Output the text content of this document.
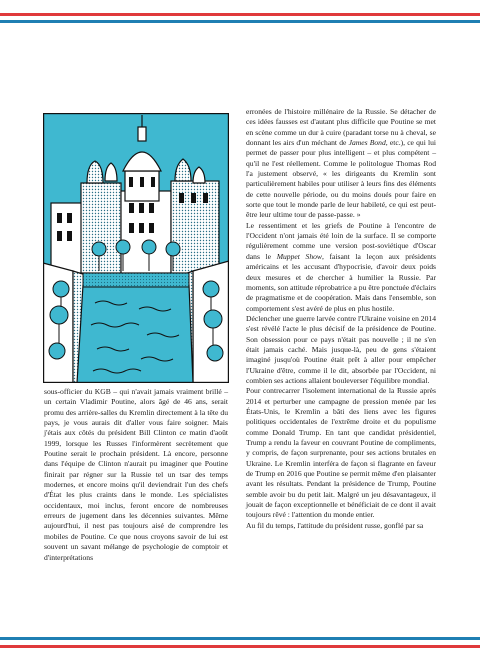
sous-officier du KGB – qui n'avait jamais vraiment brillé – un certain Vladimir Poutine, alors âgé de 46 ans, serait promu des arrière-salles du Kremlin directement à la tête du pays, je vous aurais dit d'aller vous faire soigner. Mais j'étais aux côtés du président Bill Clinton ce matin d'août 1999, lorsque les Russes l'informèrent secrètement que Poutine serait le prochain président. Là encore, personne dans l'équipe de Clinton n'aurait pu imaginer que Poutine finirait par régner sur la Russie tel un tsar des temps modernes, et encore moins qu'il deviendrait l'un des chefs d'État les plus craints dans le monde. Les spécialistes occidentaux, moi inclus, feront encore de nombreuses erreurs de jugement dans les décennies suivantes. Même aujourd'hui, il nest pas toujours aisé de comprendre les mobiles de Poutine. Ce que nous croyons savoir de lui est souvent un savant mélange de psychologie de comptoir et d'interprétations

erronées de l'histoire millénaire de la Russie. Se détacher de ces idées fausses est d'autant plus difficile que Poutine se met en scène comme un dur à cuire (paradant torse nu à cheval, se donnant les airs d'un méchant de James Bond, etc.), ce qui lui permet de passer pour plus intelligent – et plus compétent – qu'il ne l'est réellement. Comme le politologue Thomas Rod l'a justement observé, « les dirigeants du Kremlin sont particulièrement habiles pour utiliser à leurs fins des éléments de cette nouvelle période, ou du moins doués pour faire en sorte que tout le monde parle de leur habileté, ce qui est peut-être leur ultime tour de passe-passe. »

Le ressentiment et les griefs de Poutine à l'encontre de l'Occident n'ont jamais été loin de la surface. Il se comporte régulièrement comme une version post-soviétique d'Oscar dans le Muppet Show, faisant la leçon aux présidents américains et les accusant d'hypocrisie, d'avoir deux poids deux mesures et de chercher à humilier la Russie. Par moments, son attitude réprobatrice a pu être ponctuée d'éclairs de pragmatisme et de coopération. Mais dans l'ensemble, son comportement s'est avéré de plus en plus hostile.

Déclencher une guerre larvée contre l'Ukraine voisine en 2014 s'est révélé l'acte le plus décisif de la présidence de Poutine. Son obsession pour ce pays n'était pas nouvelle ; il ne s'en était jamais caché. Mais jusque-là, peu de gens s'étaient imaginé jusqu'où Poutine était prêt à aller pour empêcher l'Ukraine d'être, comme il le dit, absorbée par l'Occident, ni combien ses actions allaient bouleverser l'équilibre mondial.

Pour contrecarrer l'isolement international de la Russie après 2014 et perturber une campagne de pression menée par les États-Unis, le Kremlin a bâti des liens avec les figures politiques occidentales de l'extrême droite et du populisme comme Donald Trump. En tant que candidat présidentiel, Trump a rendu la faveur en couvrant Poutine de compliments, y compris, de façon surprenante, pour ses actions brutales en Ukraine. Le Kremlin interféra de façon si flagrante en faveur de Trump en 2016 que Poutine se permit même d'en plaisanter avant les résultats. Pendant la présidence de Trump, Poutine semble avoir bu du petit lait. Malgré un jeu désavantageux, il jouait de façon exceptionnelle et bénéficiait de ce dont il avait toujours rêvé : l'attention du monde entier.

Au fil du temps, l'attitude du président russe, gonflé par sa
